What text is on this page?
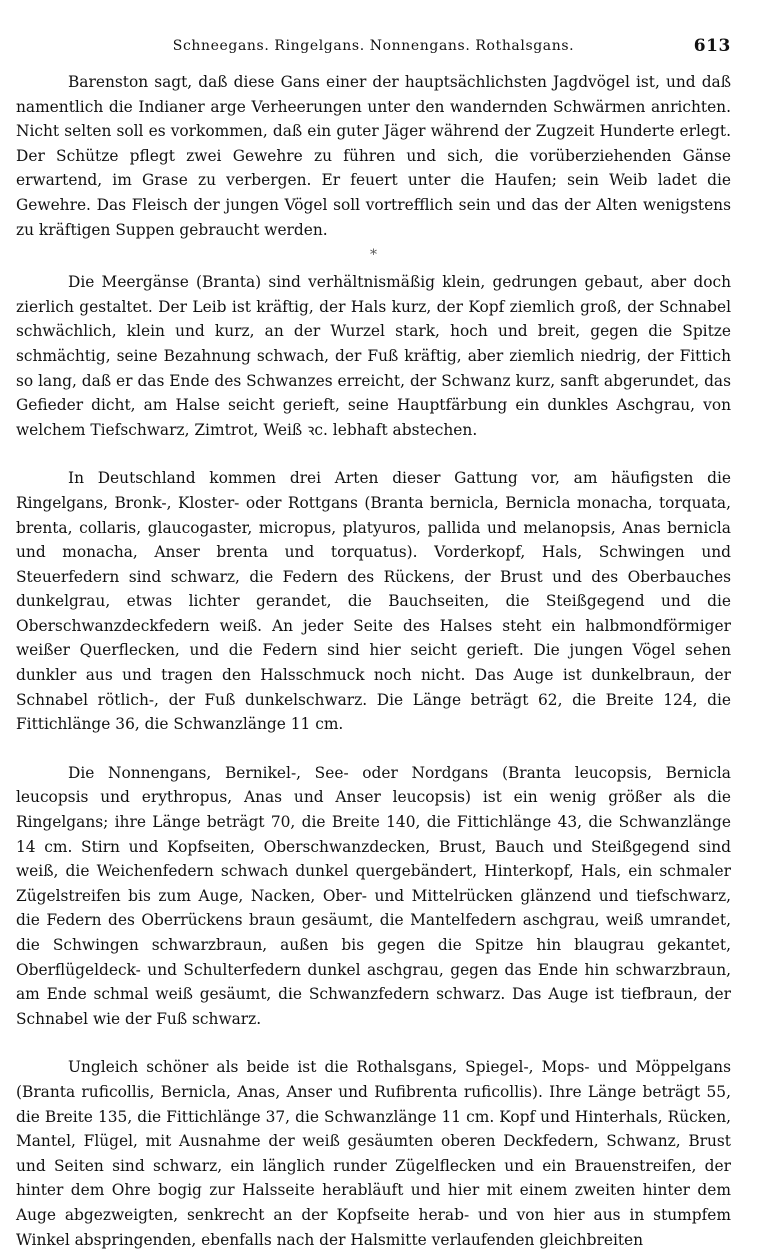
Schneegans. Ringelgans. Nonnengans. Rothalsgans.	613

Barenston sagt, daß diese Gans einer der hauptsächlichsten Jagdvögel ist, und daß namentlich die Indianer arge Verheerungen unter den wandernden Schwärmen anrichten. Nicht selten soll es vorkommen, daß ein guter Jäger während der Zugzeit Hunderte erlegt. Der Schütze pflegt zwei Gewehre zu führen und sich, die vorüberziehenden Gänse erwartend, im Grase zu verbergen. Er feuert unter die Haufen; sein Weib ladet die Gewehre. Das Fleisch der jungen Vögel soll vortrefflich sein und das der Alten wenigstens zu kräftigen Suppen gebraucht werden.

*

Die Meergänse (Branta) sind verhältnismäßig klein, gedrungen gebaut, aber doch zierlich gestaltet. Der Leib ist kräftig, der Hals kurz, der Kopf ziemlich groß, der Schnabel schwächlich, klein und kurz, an der Wurzel stark, hoch und breit, gegen die Spitze schmächtig, seine Bezahnung schwach, der Fuß kräftig, aber ziemlich niedrig, der Fittich so lang, daß er das Ende des Schwanzes erreicht, der Schwanz kurz, sanft abgerundet, das Gefieder dicht, am Halse seicht gerieft, seine Hauptfärbung ein dunkles Aschgrau, von welchem Tiefschwarz, Zimtrot, Weiß ꝛc. lebhaft abstechen.

In Deutschland kommen drei Arten dieser Gattung vor, am häufigsten die Ringelgans, Bronk-, Kloster- oder Rottgans (Branta bernicla, Bernicla monacha, torquata, brenta, collaris, glaucogaster, micropus, platyuros, pallida und melanopsis, Anas bernicla und monacha, Anser brenta und torquatus). Vorderkopf, Hals, Schwingen und Steuerfedern sind schwarz, die Federn des Rückens, der Brust und des Oberbauches dunkelgrau, etwas lichter gerandet, die Bauchseiten, die Steißgegend und die Oberschwanzdeckfedern weiß. An jeder Seite des Halses steht ein halbmondförmiger weißer Querflecken, und die Federn sind hier seicht gerieft. Die jungen Vögel sehen dunkler aus und tragen den Halsschmuck noch nicht. Das Auge ist dunkelbraun, der Schnabel rötlich-, der Fuß dunkelschwarz. Die Länge beträgt 62, die Breite 124, die Fittichlänge 36, die Schwanzlänge 11 cm.

Die Nonnengans, Bernikel-, See- oder Nordgans (Branta leucopsis, Bernicla leucopsis und erythropus, Anas und Anser leucopsis) ist ein wenig größer als die Ringelgans; ihre Länge beträgt 70, die Breite 140, die Fittichlänge 43, die Schwanzlänge 14 cm. Stirn und Kopfseiten, Oberschwanzdecken, Brust, Bauch und Steißgegend sind weiß, die Weichenfedern schwach dunkel quergebändert, Hinterkopf, Hals, ein schmaler Zügelstreifen bis zum Auge, Nacken, Ober- und Mittelrücken glänzend und tiefschwarz, die Federn des Oberrückens braun gesäumt, die Mantelfedern aschgrau, weiß umrandet, die Schwingen schwarzbraun, außen bis gegen die Spitze hin blaugrau gekantet, Oberflügeldeck- und Schulterfedern dunkel aschgrau, gegen das Ende hin schwarzbraun, am Ende schmal weiß gesäumt, die Schwanzfedern schwarz. Das Auge ist tiefbraun, der Schnabel wie der Fuß schwarz.

Ungleich schöner als beide ist die Rothalsgans, Spiegel-, Mops- und Möppelgans (Branta ruficollis, Bernicla, Anas, Anser und Rufibrenta ruficollis). Ihre Länge beträgt 55, die Breite 135, die Fittichlänge 37, die Schwanzlänge 11 cm. Kopf und Hinterhals, Rücken, Mantel, Flügel, mit Ausnahme der weiß gesäumten oberen Deckfedern, Schwanz, Brust und Seiten sind schwarz, ein länglich runder Zügelflecken und ein Brauenstreifen, der hinter dem Ohre bogig zur Halsseite herabläuft und hier mit einem zweiten hinter dem Auge abgezweigten, senkrecht an der Kopfseite herab- und von hier aus in stumpfem Winkel abspringenden, ebenfalls nach der Halsmitte verlaufenden gleichbreiten
